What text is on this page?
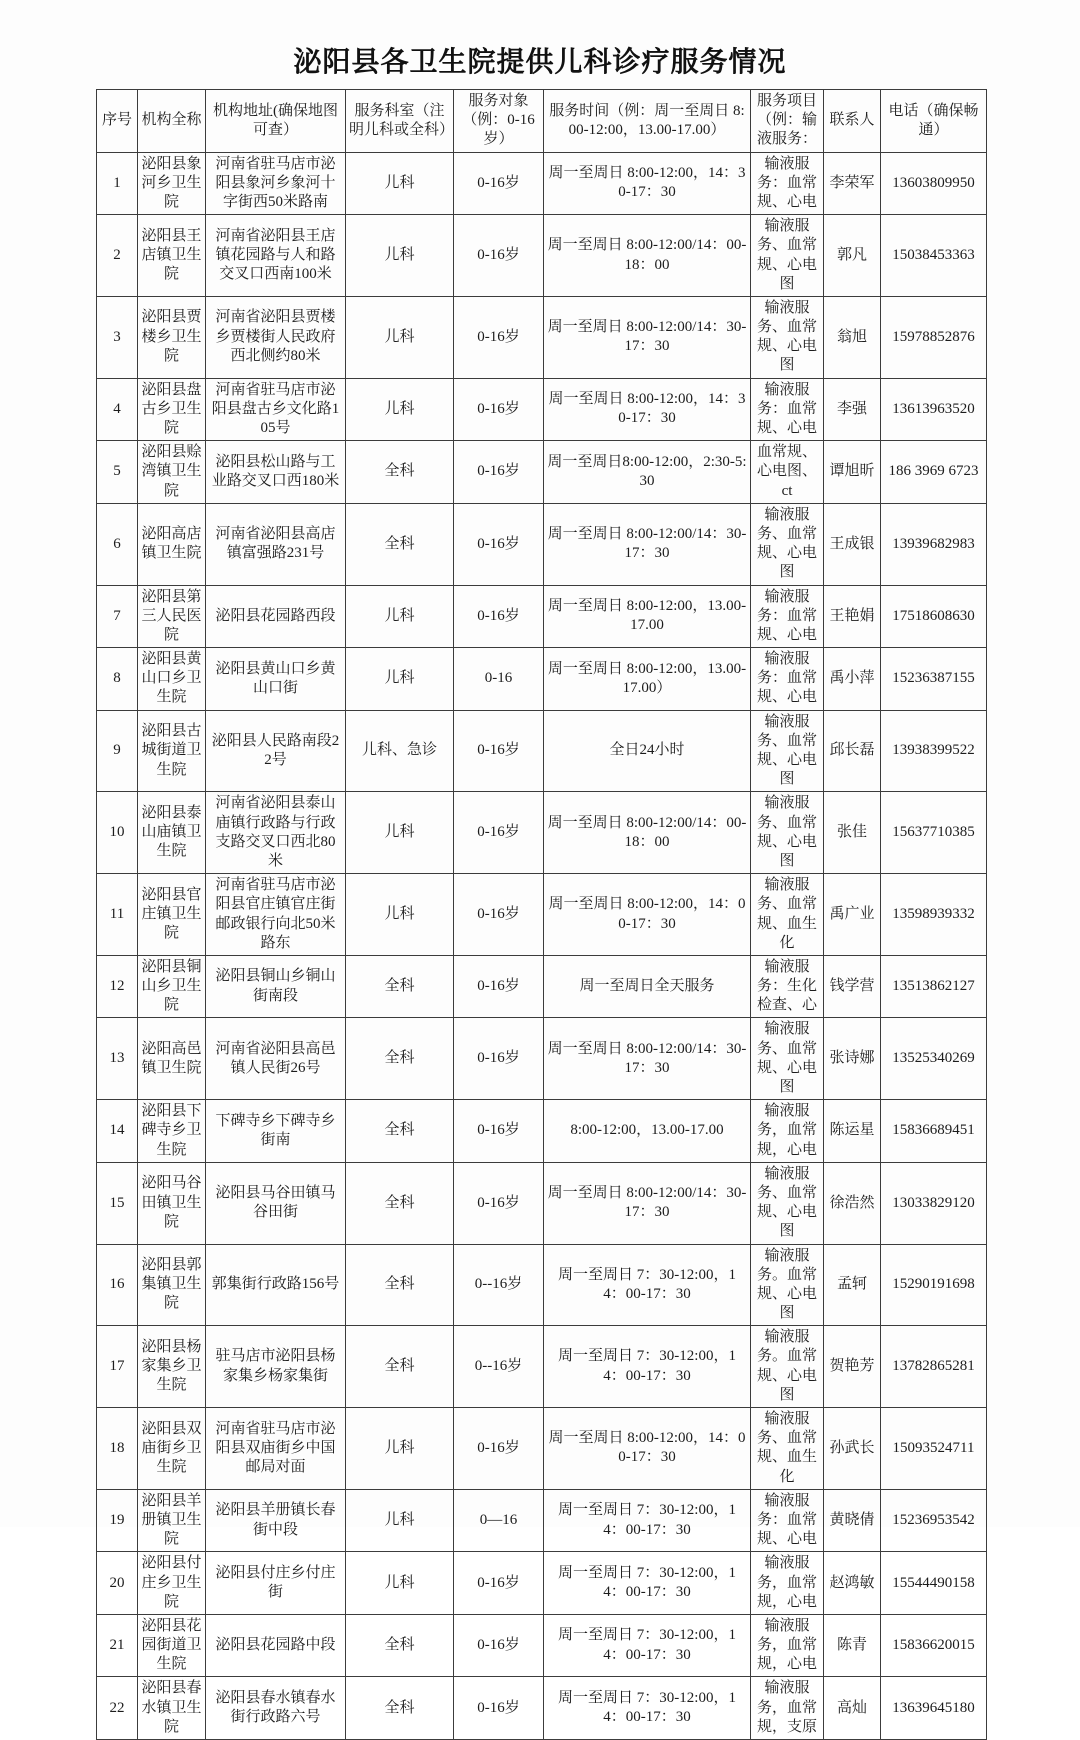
泌阳县各卫生院提供儿科诊疗服务情况
序号	机构全称	机构地址(确保地图可查）	服务科室（注明儿科或全科）	服务对象（例：0-16岁）	服务时间（例：周一至周日 8:00-12:00，13.00-17.00）	服务项目（例：输液服务：	联系人	电话（确保畅通）
1	泌阳县象河乡卫生院	河南省驻马店市泌阳县象河乡象河十字街西50米路南	儿科	0-16岁	周一至周日 8:00-12:00，14：30-17：30	输液服务：血常规、心电	李荣军	13603809950
2	泌阳县王店镇卫生院	河南省泌阳县王店镇花园路与人和路交叉口西南100米	儿科	0-16岁	周一至周日 8:00-12:00/14：00-18：00	输液服务、血常规、心电图	郭凡	15038453363
3	泌阳县贾楼乡卫生院	河南省泌阳县贾楼乡贾楼街人民政府西北侧约80米	儿科	0-16岁	周一至周日 8:00-12:00/14：30-17：30	输液服务、血常规、心电图	翁旭	15978852876
4	泌阳县盘古乡卫生院	河南省驻马店市泌阳县盘古乡文化路105号	儿科	0-16岁	周一至周日 8:00-12:00，14：30-17：30	输液服务：血常规、心电	李强	13613963520
5	泌阳县赊湾镇卫生院	泌阳县松山路与工业路交叉口西180米	全科	0-16岁	周一至周日8:00-12:00，2:30-5:30	血常规、心电图、ct	谭旭昕	186 3969 6723
6	泌阳高店镇卫生院	河南省泌阳县高店镇富强路231号	全科	0-16岁	周一至周日 8:00-12:00/14：30-17：30	输液服务、血常规、心电图	王成银	13939682983
7	泌阳县第三人民医院	泌阳县花园路西段	儿科	0-16岁	周一至周日 8:00-12:00，13.00-17.00	输液服务：血常规、心电	王艳娟	17518608630
8	泌阳县黄山口乡卫生院	泌阳县黄山口乡黄山口街	儿科	0-16	周一至周日 8:00-12:00，13.00-17.00）	输液服务：血常规、心电	禹小萍	15236387155
9	泌阳县古城街道卫生院	泌阳县人民路南段22号	儿科、急诊	0-16岁	全日24小时	输液服务、血常规、心电图	邱长磊	13938399522
10	泌阳县泰山庙镇卫生院	河南省泌阳县泰山庙镇行政路与行政支路交叉口西北80米	儿科	0-16岁	周一至周日 8:00-12:00/14：00-18：00	输液服务、血常规、心电图	张佳	15637710385
11	泌阳县官庄镇卫生院	河南省驻马店市泌阳县官庄镇官庄街邮政银行向北50米路东	儿科	0-16岁	周一至周日 8:00-12:00，14：00-17：30	输液服务、血常规、血生化	禹广业	13598939332
12	泌阳县铜山乡卫生院	泌阳县铜山乡铜山街南段	全科	0-16岁	周一至周日全天服务	输液服务：生化检查、心	钱学营	13513862127
13	泌阳高邑镇卫生院	河南省泌阳县高邑镇人民街26号	全科	0-16岁	周一至周日 8:00-12:00/14：30-17：30	输液服务、血常规、心电图	张诗娜	13525340269
14	泌阳县下碑寺乡卫生院	下碑寺乡下碑寺乡街南	全科	0-16岁	8:00-12:00，13.00-17.00	输液服务，血常规，心电	陈运星	15836689451
15	泌阳马谷田镇卫生院	泌阳县马谷田镇马谷田街	全科	0-16岁	周一至周日 8:00-12:00/14：30-17：30	输液服务、血常规、心电图	徐浩然	13033829120
16	泌阳县郭集镇卫生院	郭集街行政路156号	全科	0--16岁	周一至周日 7：30-12:00，14：00-17：30	输液服务。血常规、心电图	孟轲	15290191698
17	泌阳县杨家集乡卫生院	驻马店市泌阳县杨家集乡杨家集街	全科	0--16岁	周一至周日 7：30-12:00，14：00-17：30	输液服务。血常规、心电图	贺艳芳	13782865281
18	泌阳县双庙街乡卫生院	河南省驻马店市泌阳县双庙街乡中国邮局对面	儿科	0-16岁	周一至周日 8:00-12:00，14：00-17：30	输液服务、血常规、血生化	孙武长	15093524711
19	泌阳县羊册镇卫生院	泌阳县羊册镇长春街中段	儿科	0—16	周一至周日 7：30-12:00，14：00-17：30	输液服务：血常规、心电	黄晓倩	15236953542
20	泌阳县付庄乡卫生院	泌阳县付庄乡付庄街	儿科	0-16岁	周一至周日 7：30-12:00，14：00-17：30	输液服务，血常规，心电	赵鸿敏	15544490158
21	泌阳县花园街道卫生院	泌阳县花园路中段	全科	0-16岁	周一至周日 7：30-12:00，14：00-17：30	输液服务，血常规，心电	陈青	15836620015
22	泌阳县春水镇卫生院	泌阳县春水镇春水街行政路六号	全科	0-16岁	周一至周日 7：30-12:00，14：00-17：30	输液服务，血常规，支原	高灿	13639645180
